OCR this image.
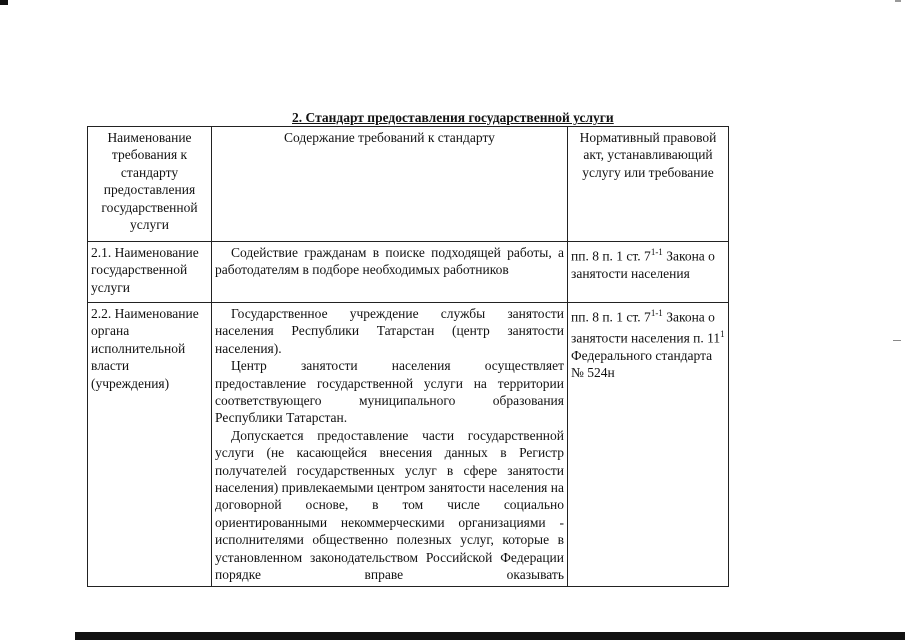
2. Стандарт предоставления государственной услуги
Наименование требования к стандарту предоставления государственной услуги	Содержание требований к стандарту	Нормативный правовой акт, устанавливающий услугу или требование
2.1. Наименование государственной услуги	Содействие гражданам в поиске подходящей работы, а работодателям в подборе необходимых работников	пп. 8 п. 1 ст. 7$^{1-1}$ Закона о занятости населения
2.2. Наименование органа исполнительной власти (учреждения)	Государственное учреждение службы занятости населения Республики Татарстан (центр занятости населения).
Центр занятости населения осуществляет предоставление государственной услуги на территории соответствующего муниципального образования Республики Татарстан.
Допускается предоставление части государственной услуги (не касающейся внесения данных в Регистр получателей государственных услуг в сфере занятости населения) привлекаемыми центром занятости населения на договорной основе, в том числе социально ориентированными некоммерческими организациями - исполнителями общественно полезных услуг, которые в установленном законодательством Российской Федерации порядке вправе оказывать	пп. 8 п. 1 ст. 7$^{1-1}$ Закона о занятости населения п. $11^1$ Федерального стандарта № 524н
